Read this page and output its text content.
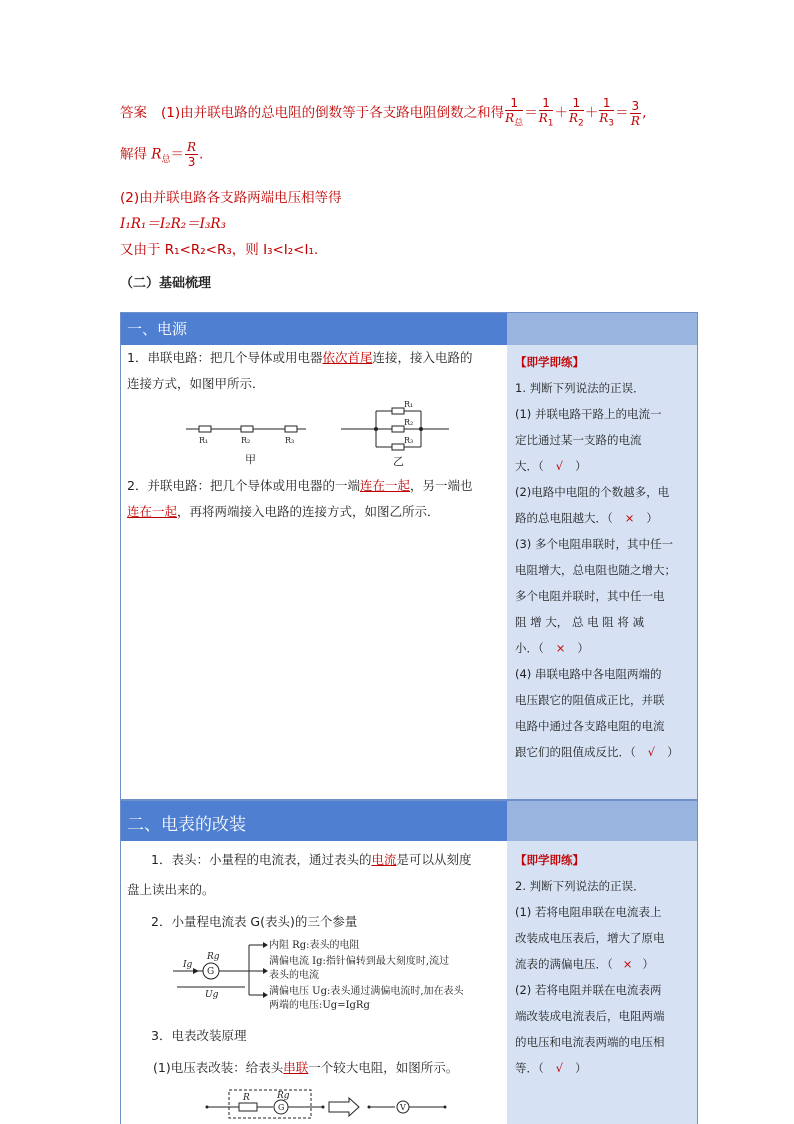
答案 (1)由并联电路的总电阻的倒数等于各支路电阻倒数之和得 $\frac{1}{R_总} = \frac{1}{R_1} + \frac{1}{R_2} + \frac{1}{R_3} = \frac{3}{R}$ ,
解得 $R_总= \frac{R}{3}$ .
(2)由并联电路各支路两端电压相等得
I₁R₁＝I₂R₂＝I₃R₃
又由于 R₁<R₂<R₃，则 I₃<I₂<I₁.
（二）基础梳理
一、电源
1．串联电路：把几个导体或用电器依次首尾连接，接入电路的
连接方式，如图甲所示．
R₁	R₂	R₃
R₁
R₂
R₃
甲	乙
2．并联电路：把几个导体或用电器的一端连在一起，另一端也
连在一起，再将两端接入电路的连接方式，如图乙所示．
【即学即练】
1. 判断下列说法的正误．
(1) 并联电路干路上的电流一
定比通过某一支路的电流
大．（ √ ）
(2)电路中电阻的个数越多，电
路的总电阻越大．（ × ）
(3) 多个电阻串联时，其中任一
电阻增大，总电阻也随之增大；
多个电阻并联时，其中任一电
阻 增 大， 总 电 阻 将 减
小．（ × ）
(4) 串联电路中各电阻两端的
电压跟它的阻值成正比，并联
电路中通过各支路电阻的电流
跟它们的阻值成反比．（ √ ）
二、电表的改装
1．表头：小量程的电流表，通过表头的电流是可以从刻度
盘上读出来的。
2．小量程电流表 G(表头)的三个参量
G
Rg
Ig
Ug
内阻 Rg:表头的电阻
满偏电流 Ig:指针偏转到最大刻度时,流过
表头的电流
满偏电压 Ug:表头通过满偏电流时,加在表头
两端的电压:Ug=IgRg
3．电表改装原理
(1)电压表改装：给表头串联一个较大电阻，如图所示。
R	Rg
G	V
【即学即练】
2. 判断下列说法的正误．
(1) 若将电阻串联在电流表上
改装成电压表后，增大了原电
流表的满偏电压．（ × ）
(2) 若将电阻并联在电流表两
端改装成电流表后，电阻两端
的电压和电流表两端的电压相
等．（ √ ）
